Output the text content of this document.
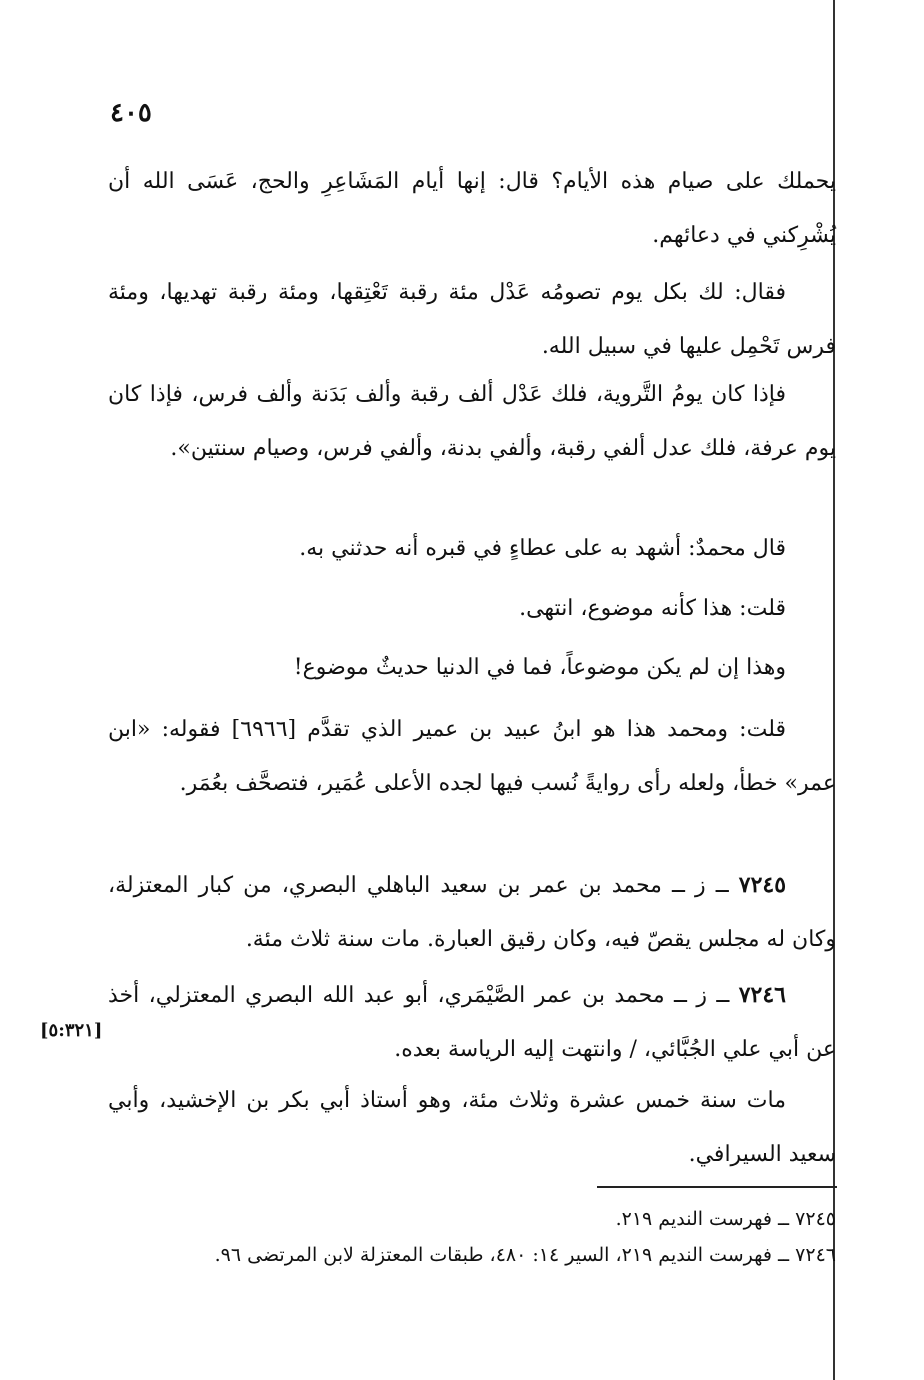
٤٠٥

يحملك على صيام هذه الأيام؟ قال: إنها أيام المَشَاعِرِ والحج، عَسَى الله أن يُشْرِكني في دعائهم.

فقال: لك بكل يوم تصومُه عَدْل مئة رقبة تَعْتِقها، ومئة رقبة تهديها، ومئة فرس تَحْمِل عليها في سبيل الله.

فإذا كان يومُ التَّروية، فلك عَدْل ألف رقبة وألف بَدَنة وألف فرس، فإذا كان يوم عرفة، فلك عدل ألفي رقبة، وألفي بدنة، وألفي فرس، وصيام سنتين».

قال محمدٌ: أشهد به على عطاءٍ في قبره أنه حدثني به.

قلت: هذا كأنه موضوع، انتهى.

وهذا إن لم يكن موضوعاً، فما في الدنيا حديثٌ موضوع!

قلت: ومحمد هذا هو ابنُ عبيد بن عمير الذي تقدَّم [٦٩٦٦] فقوله: «ابن عمر» خطأ، ولعله رأى روايةً نُسب فيها لجده الأعلى عُمَير، فتصحَّف بعُمَر.

٧٢٤٥ ــ ز ــ محمد بن عمر بن سعيد الباهلي البصري، من كبار المعتزلة، وكان له مجلس يقصّ فيه، وكان رقيق العبارة. مات سنة ثلاث مئة.

٧٢٤٦ ــ ز ــ محمد بن عمر الصَّيْمَري، أبو عبد الله البصري المعتزلي، أخذ عن أبي علي الجُبَّائي، / وانتهت إليه الرياسة بعده.

[٥:٣٢١]

مات سنة خمس عشرة وثلاث مئة، وهو أستاذ أبي بكر بن الإخشيد، وأبي سعيد السيرافي.

٧٢٤٥ ــ فهرست النديم ٢١٩.

٧٢٤٦ ــ فهرست النديم ٢١٩، السير ١٤: ٤٨٠، طبقات المعتزلة لابن المرتضى ٩٦.
